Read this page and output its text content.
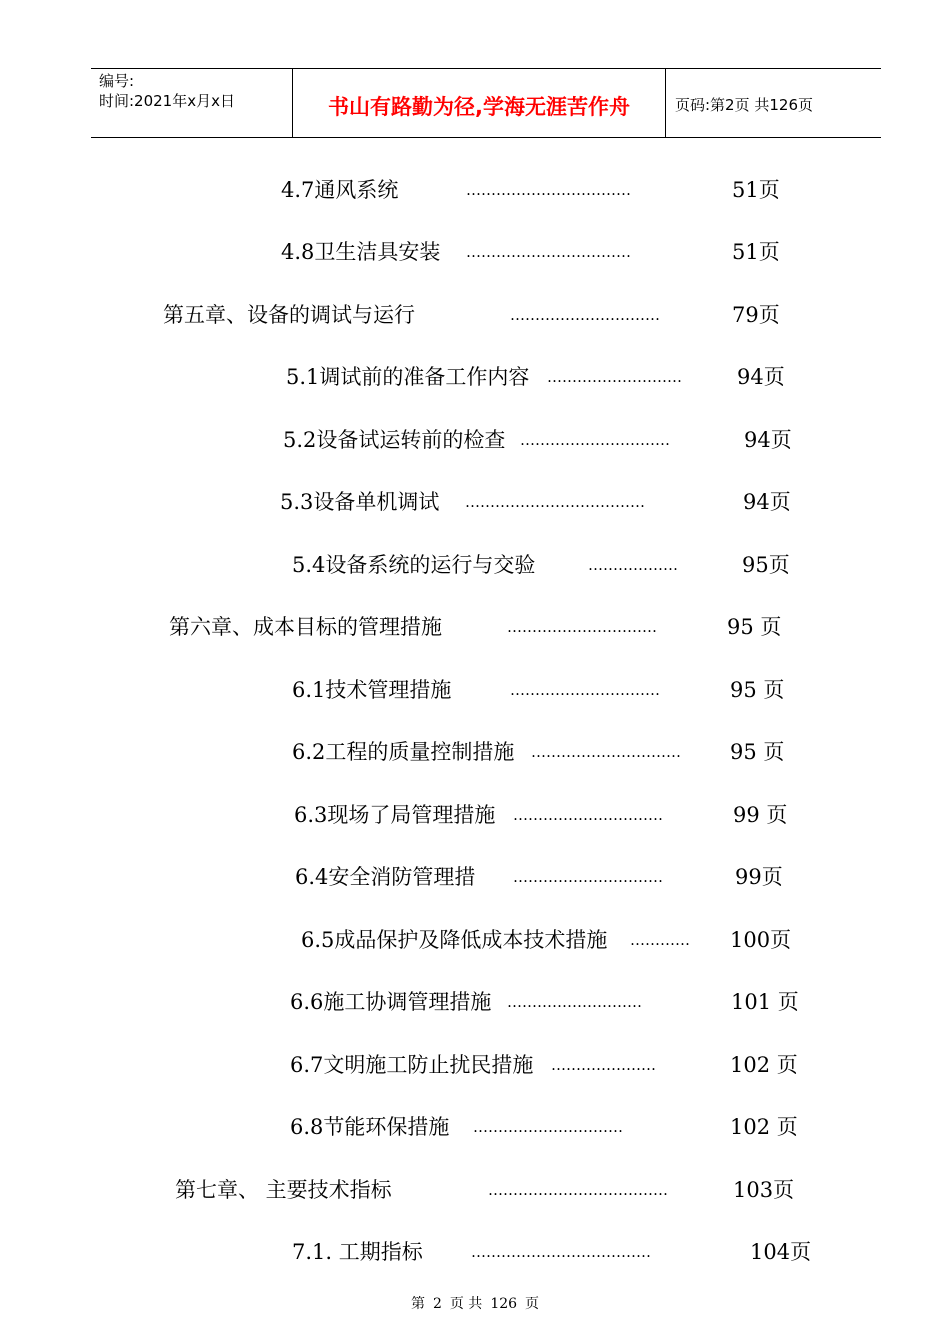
编号:
时间:2021年x月x日	书山有路勤为径,学海无涯苦作舟	页码:第2页 共126页
4.7通风系统	……………………………	51页
4.8卫生洁具安装 ……………………………	51页
第五章、设备的调试与运行	…………………………	79页
5.1调试前的准备工作内容 ………………………	94页
5.2设备试运转前的检查 …………………………	94页
5.3设备单机调试 ………………………………	94页
5.4设备系统的运行与交验	………………	95页
第六章、成本目标的管理措施	…………………………	95 页
6.1技术管理措施	…………………………	95 页
6.2工程的质量控制措施 ………………………… 95 页
6.3现场了局管理措施 …………………………	99 页
6.4安全消防管理措	…………………………	99页
6.5成品保护及降低成本技术措施 ………… 100页
6.6施工协调管理措施 ………………………	101 页
6.7文明施工防止扰民措施 …………………	102 页
6.8节能环保措施 …………………………	102 页
第七章、 主要技术指标	………………………………	103页
7.1. 工期指标	………………………………	104页
第 2 页 共 126 页
